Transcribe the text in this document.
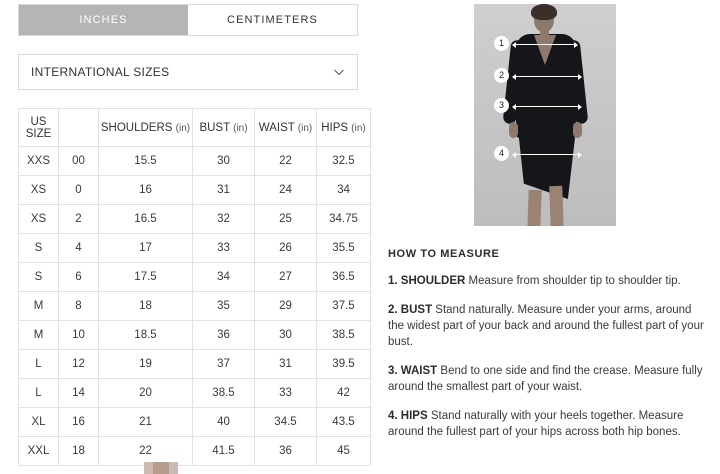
INCHES	CENTIMETERS
INTERNATIONAL SIZES
US SIZE		SHOULDERS (in)	BUST (in)	WAIST (in)	HIPS (in)
XXS	00	15.5	30	22	32.5
XS	0	16	31	24	34
XS	2	16.5	32	25	34.75
S	4	17	33	26	35.5
S	6	17.5	34	27	36.5
M	8	18	35	29	37.5
M	10	18.5	36	30	38.5
L	12	19	37	31	39.5
L	14	20	38.5	33	42
XL	16	21	40	34.5	43.5
XXL	18	22	41.5	36	45
1
2
3
4
HOW TO MEASURE
1. SHOULDER Measure from shoulder tip to shoulder tip.
2. BUST Stand naturally. Measure under your arms, around the widest part of your back and around the fullest part of your bust.
3. WAIST Bend to one side and find the crease. Measure fully around the smallest part of your waist.
4. HIPS Stand naturally with your heels together. Measure around the fullest part of your hips across both hip bones.
